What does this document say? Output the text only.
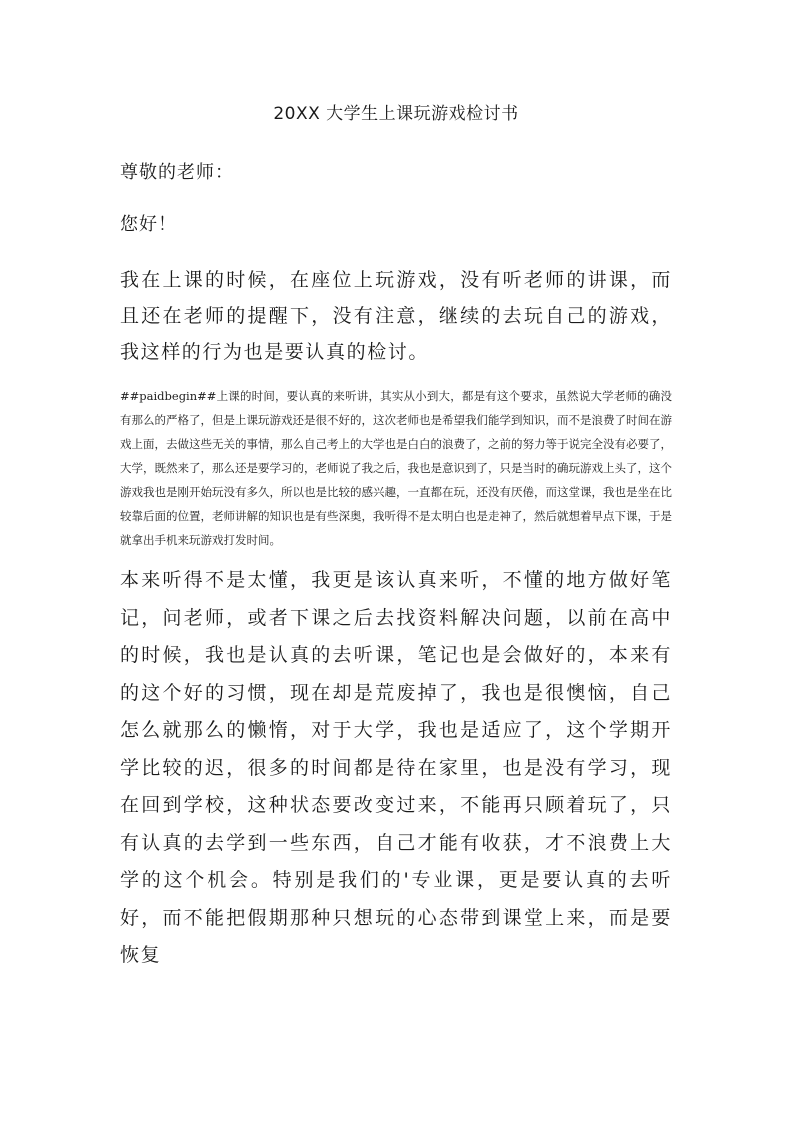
20XX 大学生上课玩游戏检讨书
尊敬的老师：
您好！

我在上课的时候，在座位上玩游戏，没有听老师的讲课，而且还在老师的提醒下，没有注意，继续的去玩自己的游戏，我这样的行为也是要认真的检讨。

##paidbegin##上课的时间，要认真的来听讲，其实从小到大，都是有这个要求，虽然说大学老师的确没有那么的严格了，但是上课玩游戏还是很不好的，这次老师也是希望我们能学到知识，而不是浪费了时间在游戏上面，去做这些无关的事情，那么自己考上的大学也是白白的浪费了，之前的努力等于说完全没有必要了，大学，既然来了，那么还是要学习的，老师说了我之后，我也是意识到了，只是当时的确玩游戏上头了，这个游戏我也是刚开始玩没有多久，所以也是比较的感兴趣，一直都在玩，还没有厌倦，而这堂课，我也是坐在比较靠后面的位置，老师讲解的知识也是有些深奥，我听得不是太明白也是走神了，然后就想着早点下课，于是就拿出手机来玩游戏打发时间。

本来听得不是太懂，我更是该认真来听，不懂的地方做好笔记，问老师，或者下课之后去找资料解决问题，以前在高中的时候，我也是认真的去听课，笔记也是会做好的，本来有的这个好的习惯，现在却是荒废掉了，我也是很懊恼，自己怎么就那么的懒惰，对于大学，我也是适应了，这个学期开学比较的迟，很多的时间都是待在家里，也是没有学习，现在回到学校，这种状态要改变过来，不能再只顾着玩了，只有认真的去学到一些东西，自己才能有收获，才不浪费上大学的这个机会。特别是我们的'专业课，更是要认真的去听好，而不能把假期那种只想玩的心态带到课堂上来，而是要恢复
